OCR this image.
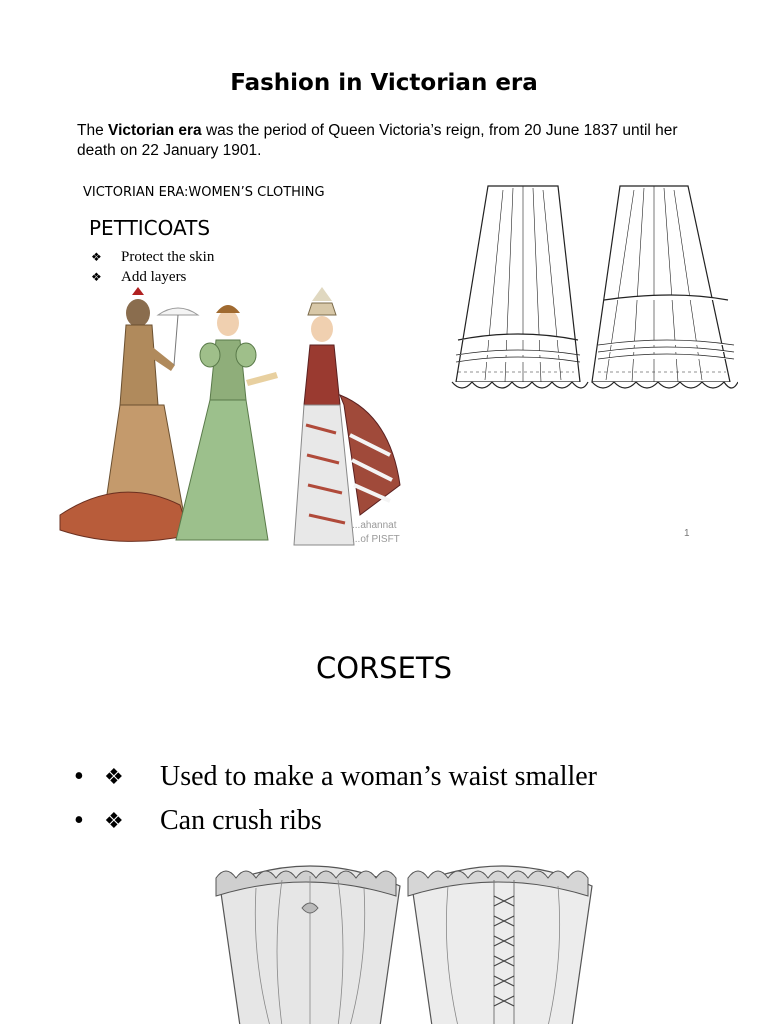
Fashion in Victorian era
The Victorian era was the period of Queen Victoria’s reign, from 20 June 1837 until her death on 22 January 1901.
VICTORIAN ERA:WOMEN’S CLOTHING
PETTICOATS
❖	Protect the skin
❖	Add layers
...ahannat
...of PISFT
1
CORSETS
• ❖	Used to make a woman’s waist smaller
• ❖	Can crush ribs
